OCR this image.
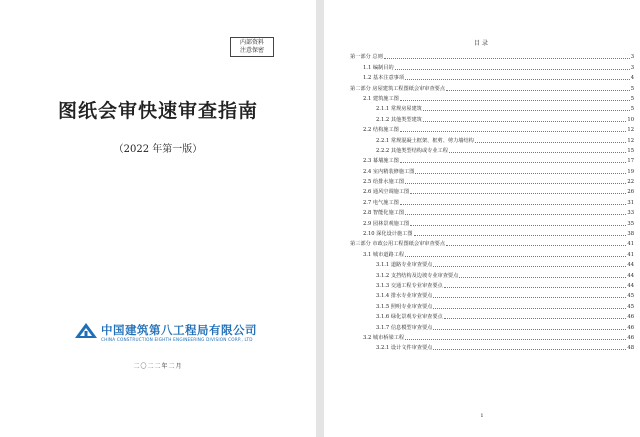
内部资料
注意保密
图纸会审快速审查指南
（2022 年第一版）
中国建筑第八工程局有限公司
CHINA CONSTRUCTION EIGHTH ENGINEERING DIVISION CORP., LTD
二〇二二年二月
目录
第一部分 总则	3
1.1 编制目的	3
1.2 基本注意事项	4
第二部分 房屋建筑工程图纸会审审查要点	5
2.1 建筑施工图	5
2.1.1 常规房屋建筑	5
2.1.2 其他类型建筑	10
2.2 结构施工图	12
2.2.1 常规混凝土框架、框剪、剪力墙结构	12
2.2.2 其他类型结构或专业工程	15
2.3 幕墙施工图	17
2.4 室内精装修施工图	19
2.5 给排水施工图	22
2.6 通风空调施工图	26
2.7 电气施工图	31
2.8 智能化施工图	33
2.9 园林景观施工图	35
2.10 深化设计施工图	38
第三部分 市政公用工程图纸会审审查要点	41
3.1 城市道路工程	41
3.1.1 道路专业审查要点	44
3.1.2 支挡结构及边坡专业审查要点	44
3.1.3 交通工程专业审查要点	44
3.1.4 排水专业审查要点	45
3.1.5 照明专业审查要点	45
3.1.6 绿化景观专业审查要点	46
3.1.7 信息模型审查要点	46
3.2 城市桥梁工程	46
3.2.1 设计文件审查要点	48
1
